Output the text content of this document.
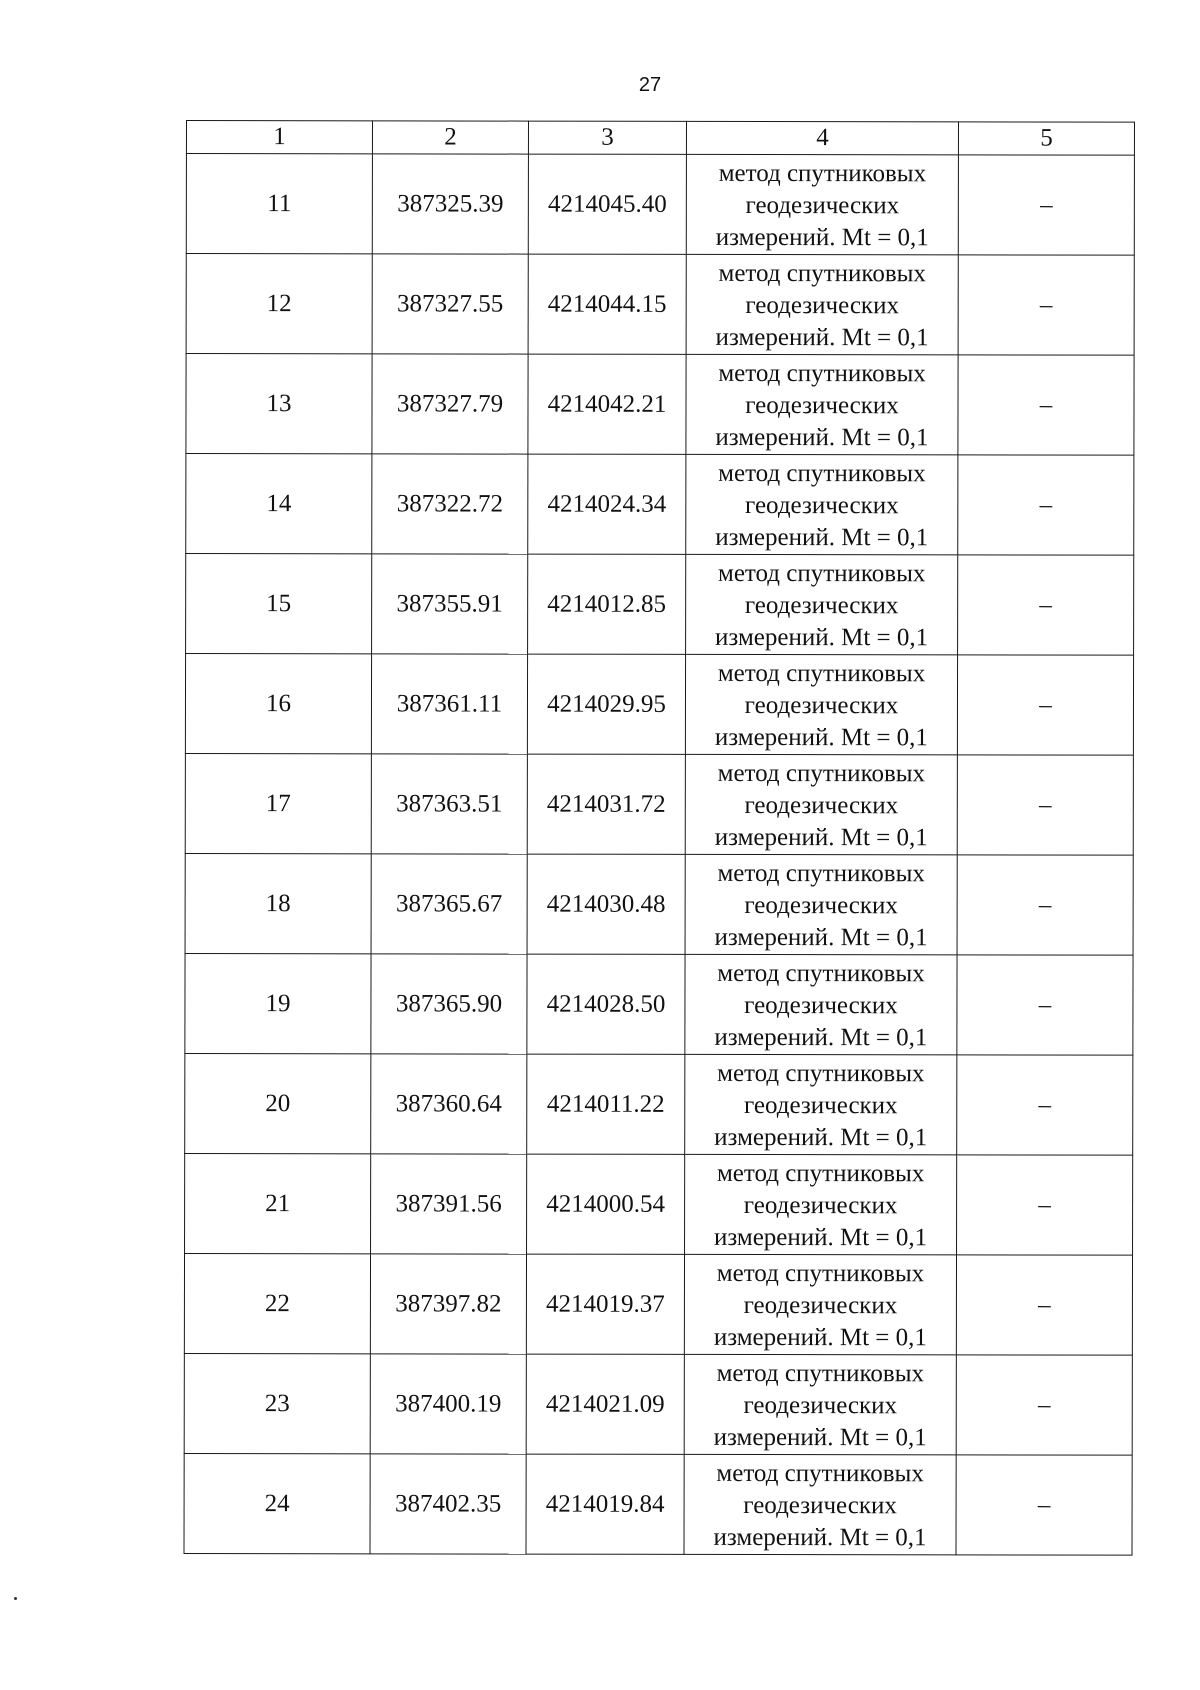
27
1	2	3	4	5
11	387325.39	4214045.40	метод спутниковых
геодезических
измерений. Mt = 0,1	–
12	387327.55	4214044.15	метод спутниковых
геодезических
измерений. Mt = 0,1	–
13	387327.79	4214042.21	метод спутниковых
геодезических
измерений. Mt = 0,1	–
14	387322.72	4214024.34	метод спутниковых
геодезических
измерений. Mt = 0,1	–
15	387355.91	4214012.85	метод спутниковых
геодезических
измерений. Mt = 0,1	–
16	387361.11	4214029.95	метод спутниковых
геодезических
измерений. Mt = 0,1	–
17	387363.51	4214031.72	метод спутниковых
геодезических
измерений. Mt = 0,1	–
18	387365.67	4214030.48	метод спутниковых
геодезических
измерений. Mt = 0,1	–
19	387365.90	4214028.50	метод спутниковых
геодезических
измерений. Mt = 0,1	–
20	387360.64	4214011.22	метод спутниковых
геодезических
измерений. Mt = 0,1	–
21	387391.56	4214000.54	метод спутниковых
геодезических
измерений. Mt = 0,1	–
22	387397.82	4214019.37	метод спутниковых
геодезических
измерений. Mt = 0,1	–
23	387400.19	4214021.09	метод спутниковых
геодезических
измерений. Mt = 0,1	–
24	387402.35	4214019.84	метод спутниковых
геодезических
измерений. Mt = 0,1	–
